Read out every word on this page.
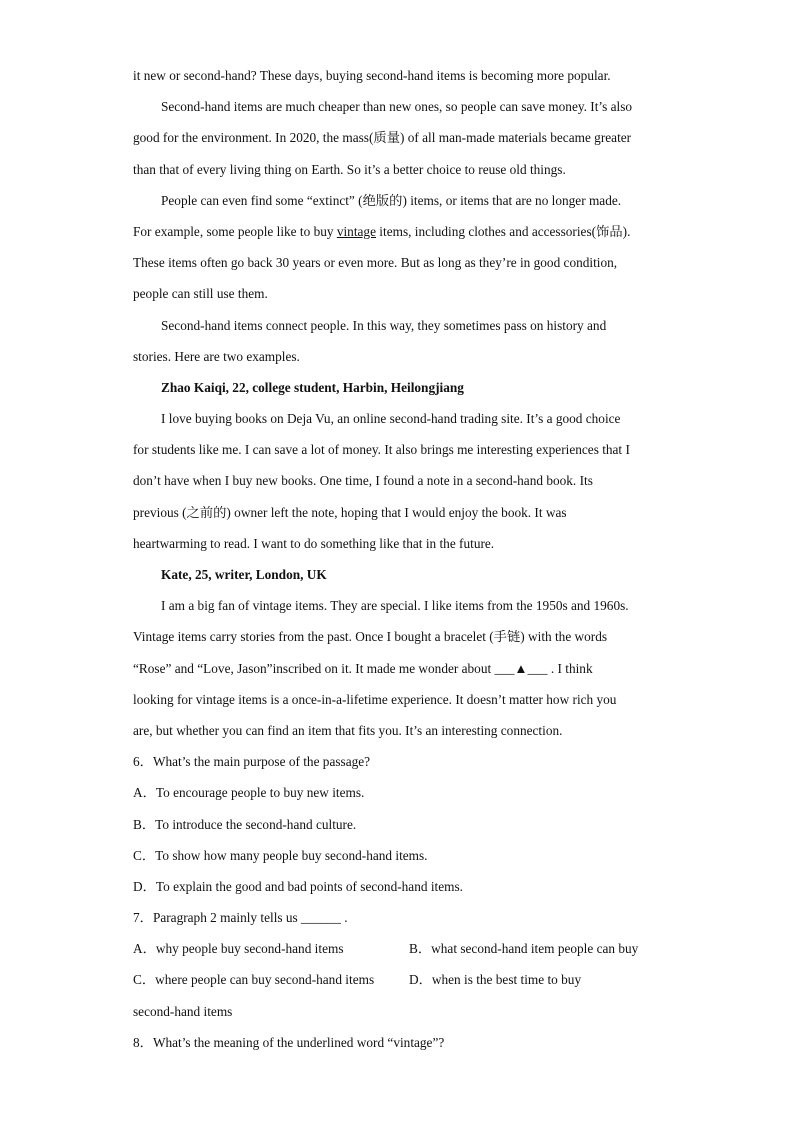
it new or second-hand? These days, buying second-hand items is becoming more popular.
Second-hand items are much cheaper than new ones, so people can save money. It’s also
good for the environment. In 2020, the mass(质量) of all man-made materials became greater
than that of every living thing on Earth. So it’s a better choice to reuse old things.
People can even find some “extinct” (绝版的) items, or items that are no longer made.
For example, some people like to buy vintage items, including clothes and accessories(饰品).
These items often go back 30 years or even more. But as long as they’re in good condition,
people can still use them.
Second-hand items connect people. In this way, they sometimes pass on history and
stories. Here are two examples.
Zhao Kaiqi, 22, college student, Harbin, Heilongjiang
I love buying books on Deja Vu, an online second-hand trading site. It’s a good choice
for students like me. I can save a lot of money. It also brings me interesting experiences that I
don’t have when I buy new books. One time, I found a note in a second-hand book. Its
previous (之前的) owner left the note, hoping that I would enjoy the book. It was
heartwarming to read. I want to do something like that in the future.
Kate, 25, writer, London, UK
I am a big fan of vintage items. They are special. I like items from the 1950s and 1960s.
Vintage items carry stories from the past. Once I bought a bracelet (手链) with the words
“Rose” and “Love, Jason”inscribed on it. It made me wonder about ___▲___ . I think
looking for vintage items is a once-in-a-lifetime experience. It doesn’t matter how rich you
are, but whether you can find an item that fits you. It’s an interesting connection.
6．What’s the main purpose of the passage?
A．To encourage people to buy new items.
B．To introduce the second-hand culture.
C．To show how many people buy second-hand items.
D．To explain the good and bad points of second-hand items.
7．Paragraph 2 mainly tells us ______ .
A．why people buy second-hand items	B．what second-hand item people can buy
C．where people can buy second-hand items	D．when is the best time to buy
second-hand items
8．What’s the meaning of the underlined word “vintage”?
